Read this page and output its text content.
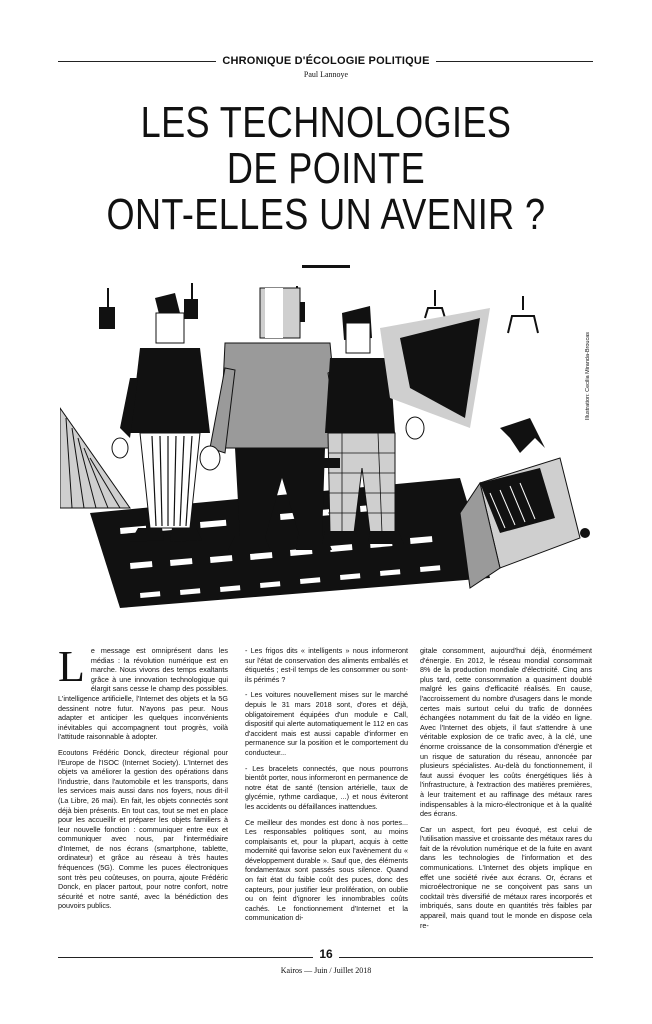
CHRONIQUE D'ÉCOLOGIE POLITIQUE
Paul Lannoye
LES TECHNOLOGIES
DE POINTE
ONT-ELLES UN AVENIR ?
Illustration: Cecilia Miranda-Broucas

Le message est omniprésent dans les médias : la révolution numérique est en marche. Nous vivons des temps exaltants grâce à une innovation technologique qui élargit sans cesse le champ des possibles. L'intelligence artificielle, l'Internet des objets et la 5G dessinent notre futur. N'ayons pas peur. Nous adapter et anticiper les quelques inconvénients inévitables qui accompagnent tout progrès, voilà l'attitude raisonnable à adopter.

Ecoutons Frédéric Donck, directeur régional pour l'Europe de l'ISOC (Internet Society). L'Internet des objets va améliorer la gestion des opérations dans l'industrie, dans l'automobile et les transports, dans les services mais aussi dans nos foyers, nous dit-il (La Libre, 26 mai). En fait, les objets connectés sont déjà bien présents. En tout cas, tout se met en place pour les accueillir et préparer les objets familiers à leur nouvelle fonction : communiquer entre eux et communiquer avec nous, par l'intermédiaire d'Internet, de nos écrans (smartphone, tablette, ordinateur) et grâce au réseau à très hautes fréquences (5G). Comme les puces électroniques sont très peu coûteuses, on pourra, ajoute Frédéric Donck, en placer partout, pour notre confort, notre sécurité et notre santé, avec la bénédiction des pouvoirs publics.

- Les frigos dits « intelligents » nous informeront sur l'état de conservation des aliments emballés et étiquetés ; est-il temps de les consommer ou sont-ils périmés ?

- Les voitures nouvellement mises sur le marché depuis le 31 mars 2018 sont, d'ores et déjà, obligatoirement équipées d'un module e Call, dispositif qui alerte automatiquement le 112 en cas d'accident mais est aussi capable d'informer en permanence sur la position et le comportement du conducteur...

- Les bracelets connectés, que nous pourrons bientôt porter, nous informeront en permanence de notre état de santé (tension artérielle, taux de glycémie, rythme cardiaque, ...) et nous éviteront les accidents ou défaillances inattendues.

Ce meilleur des mondes est donc à nos portes... Les responsables politiques sont, au moins complaisants et, pour la plupart, acquis à cette modernité qui favorise selon eux l'avènement du « développement durable ». Sauf que, des éléments fondamentaux sont passés sous silence. Quand on fait état du faible coût des puces, donc des capteurs, pour justifier leur prolifération, on oublie ou on feint d'ignorer les innombrables coûts cachés. Le fonctionnement d'Internet et la communication di-

gitale consomment, aujourd'hui déjà, énormément d'énergie. En 2012, le réseau mondial consommait 8% de la production mondiale d'électricité. Cinq ans plus tard, cette consommation a quasiment doublé malgré les gains d'efficacité réalisés. En cause, l'accroissement du nombre d'usagers dans le monde certes mais surtout celui du trafic de données échangées notamment du fait de la vidéo en ligne. Avec l'Internet des objets, il faut s'attendre à une véritable explosion de ce trafic avec, à la clé, une énorme croissance de la consommation d'énergie et un risque de saturation du réseau, annoncée par plusieurs spécialistes. Au-delà du fonctionnement, il faut aussi évoquer les coûts énergétiques liés à l'infrastructure, à l'extraction des matières premières, à leur traitement et au raffinage des métaux rares indispensables à la micro-électronique et à la qualité des écrans.

Car un aspect, fort peu évoqué, est celui de l'utilisation massive et croissante des métaux rares du fait de la révolution numérique et de la fuite en avant dans les technologies de l'information et des communications. L'Internet des objets implique en effet une société rivée aux écrans. Or, écrans et microélectronique ne se conçoivent pas sans un cocktail très diversifié de métaux rares incorporés et imbriqués, sans doute en quantités très faibles par appareil, mais quand tout le monde en dispose cela re-

16
Kairos — Juin / Juillet 2018
